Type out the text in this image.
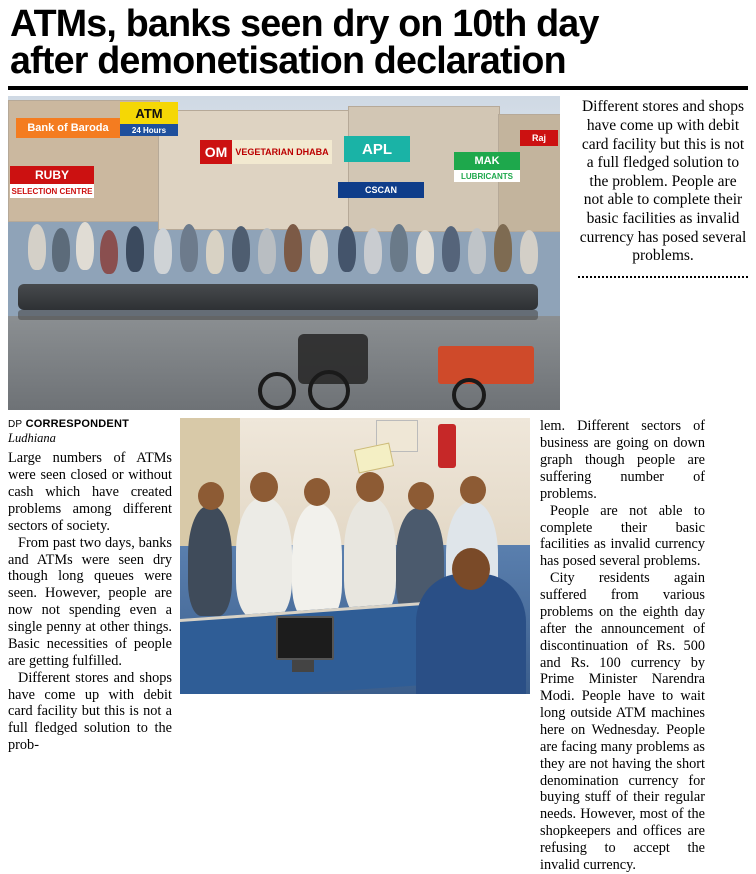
ATMs, banks seen dry on 10th day
after demonetisation declaration
ATM
24 Hours
Bank of Baroda
RUBY
SELECTION CENTRE
OM VEGETARIAN DHABA	APL
MAK
LUBRICANTS
CSCAN
Raj
Different stores and shops have come up with debit card facility but this is not a full fledged solution to the problem. People are not able to complete their basic facilities as invalid currency has posed several problems.
DP CORRESPONDENT
Ludhiana

Large numbers of ATMs were seen closed or without cash which have created problems among different sectors of society.

From past two days, banks and ATMs were seen dry though long queues were seen. However, people are now not spending even a single penny at other things. Basic necessities of people are getting fulfilled.

Different stores and shops have come up with debit card facility but this is not a full fledged solution to the prob-

lem. Different sectors of business are going on down graph though people are suffering number of problems.

People are not able to complete their basic facilities as invalid currency has posed several problems.

City residents again suffered from various problems on the eighth day after the announcement of discontinuation of Rs. 500 and Rs. 100 currency by Prime Minister Narendra Modi. People have to wait long outside ATM machines here on Wednesday. People are facing many problems as they are not having the short denomination currency for buying stuff of their regular needs. However, most of the shopkeepers and offices are refusing to accept the invalid currency.
